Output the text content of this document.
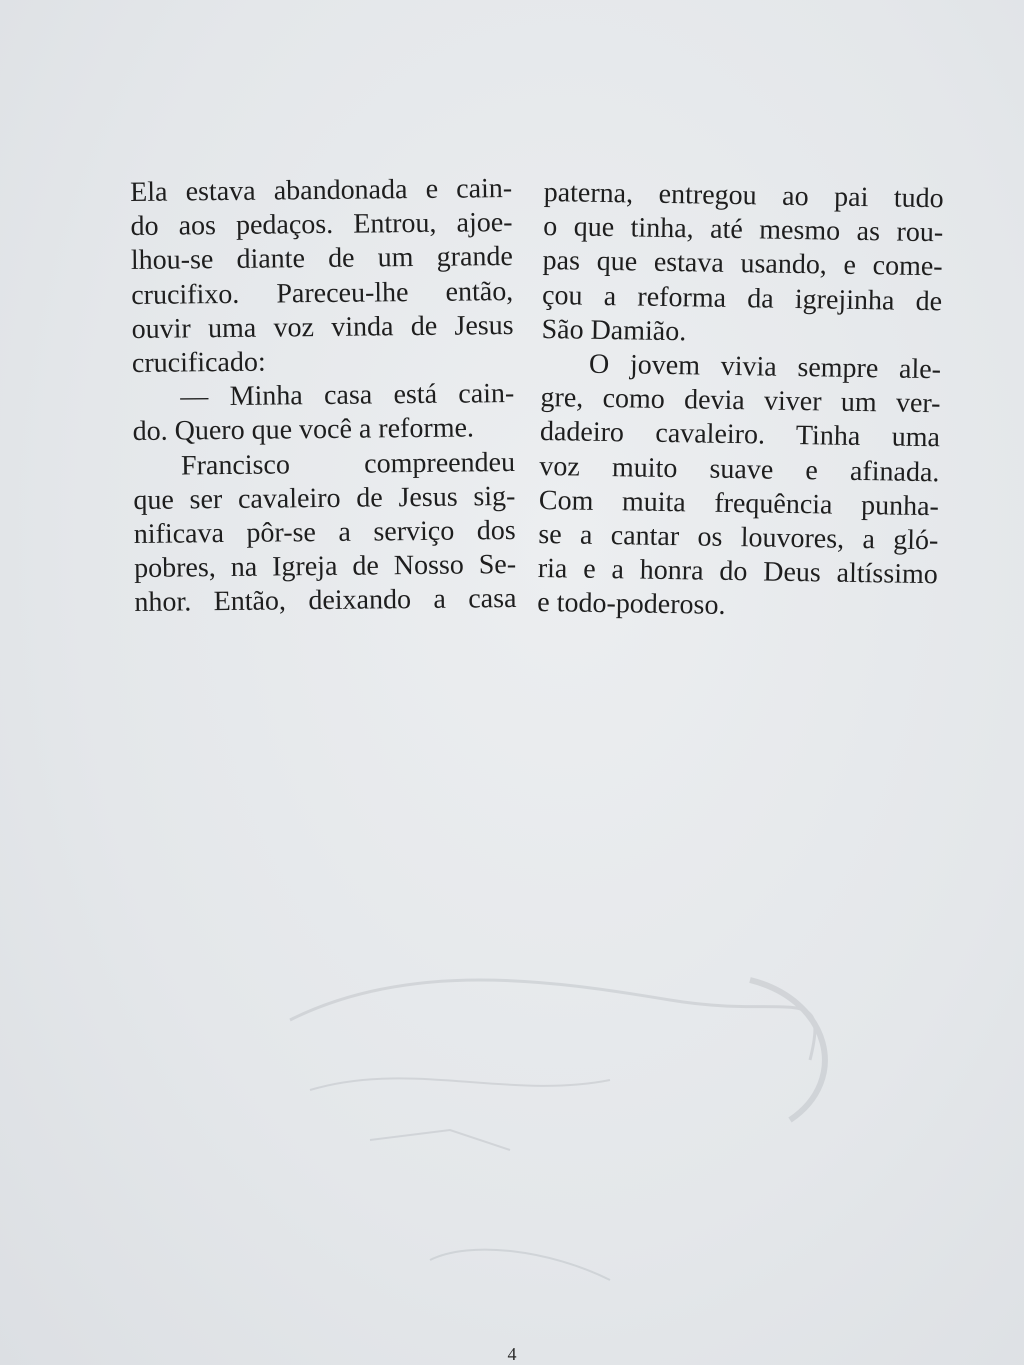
Ela estava abandonada e cain-

do aos pedaços. Entrou, ajoe-

lhou-se diante de um grande

crucifixo. Pareceu-lhe então,

ouvir uma voz vinda de Jesus

crucificado:

— Minha casa está cain-

do. Quero que você a reforme.

Francisco compreendeu

que ser cavaleiro de Jesus sig-

nificava pôr-se a serviço dos

pobres, na Igreja de Nosso Se-

nhor. Então, deixando a casa

paterna, entregou ao pai tudo

o que tinha, até mesmo as rou-

pas que estava usando, e come-

çou a reforma da igrejinha de

São Damião.

O jovem vivia sempre ale-

gre, como devia viver um ver-

dadeiro cavaleiro. Tinha uma

voz muito suave e afinada.

Com muita frequência punha-

se a cantar os louvores, a gló-

ria e a honra do Deus altíssimo

e todo-poderoso.

4
